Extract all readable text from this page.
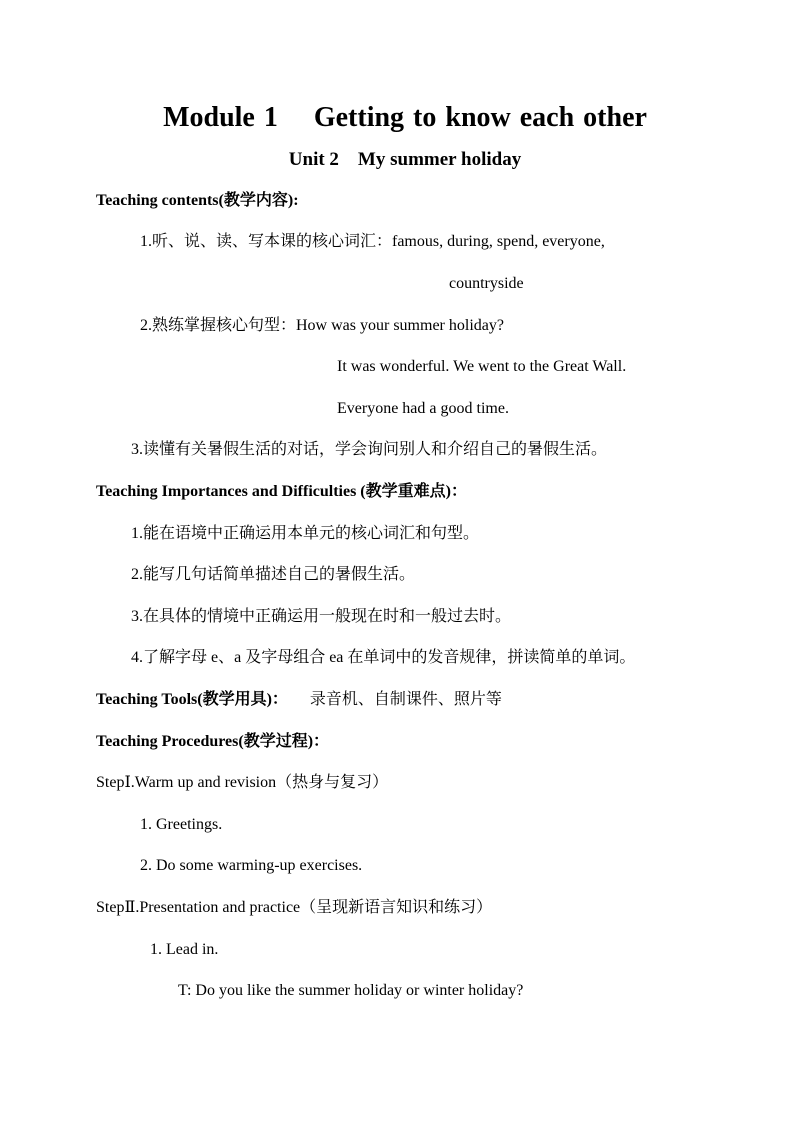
Module 1    Getting to know each other
Unit 2    My summer holiday
Teaching contents(教学内容):
1.听、说、读、写本课的核心词汇：famous, during, spend, everyone,
countryside
2.熟练掌握核心句型：How was your summer holiday?
It was wonderful. We went to the Great Wall.
Everyone had a good time.
3.读懂有关暑假生活的对话，学会询问别人和介绍自己的暑假生活。
Teaching Importances and Difficulties (教学重难点)：
1.能在语境中正确运用本单元的核心词汇和句型。
2.能写几句话简单描述自己的暑假生活。
3.在具体的情境中正确运用一般现在时和一般过去时。
4.了解字母 e、a 及字母组合 ea 在单词中的发音规律，拼读简单的单词。
Teaching Tools(教学用具)： 录音机、自制课件、照片等
Teaching Procedures(教学过程)：
StepⅠ.Warm up and revision（热身与复习）
1. Greetings.
2. Do some warming-up exercises.
StepⅡ.Presentation and practice（呈现新语言知识和练习）
1. Lead in.
T: Do you like the summer holiday or winter holiday?
